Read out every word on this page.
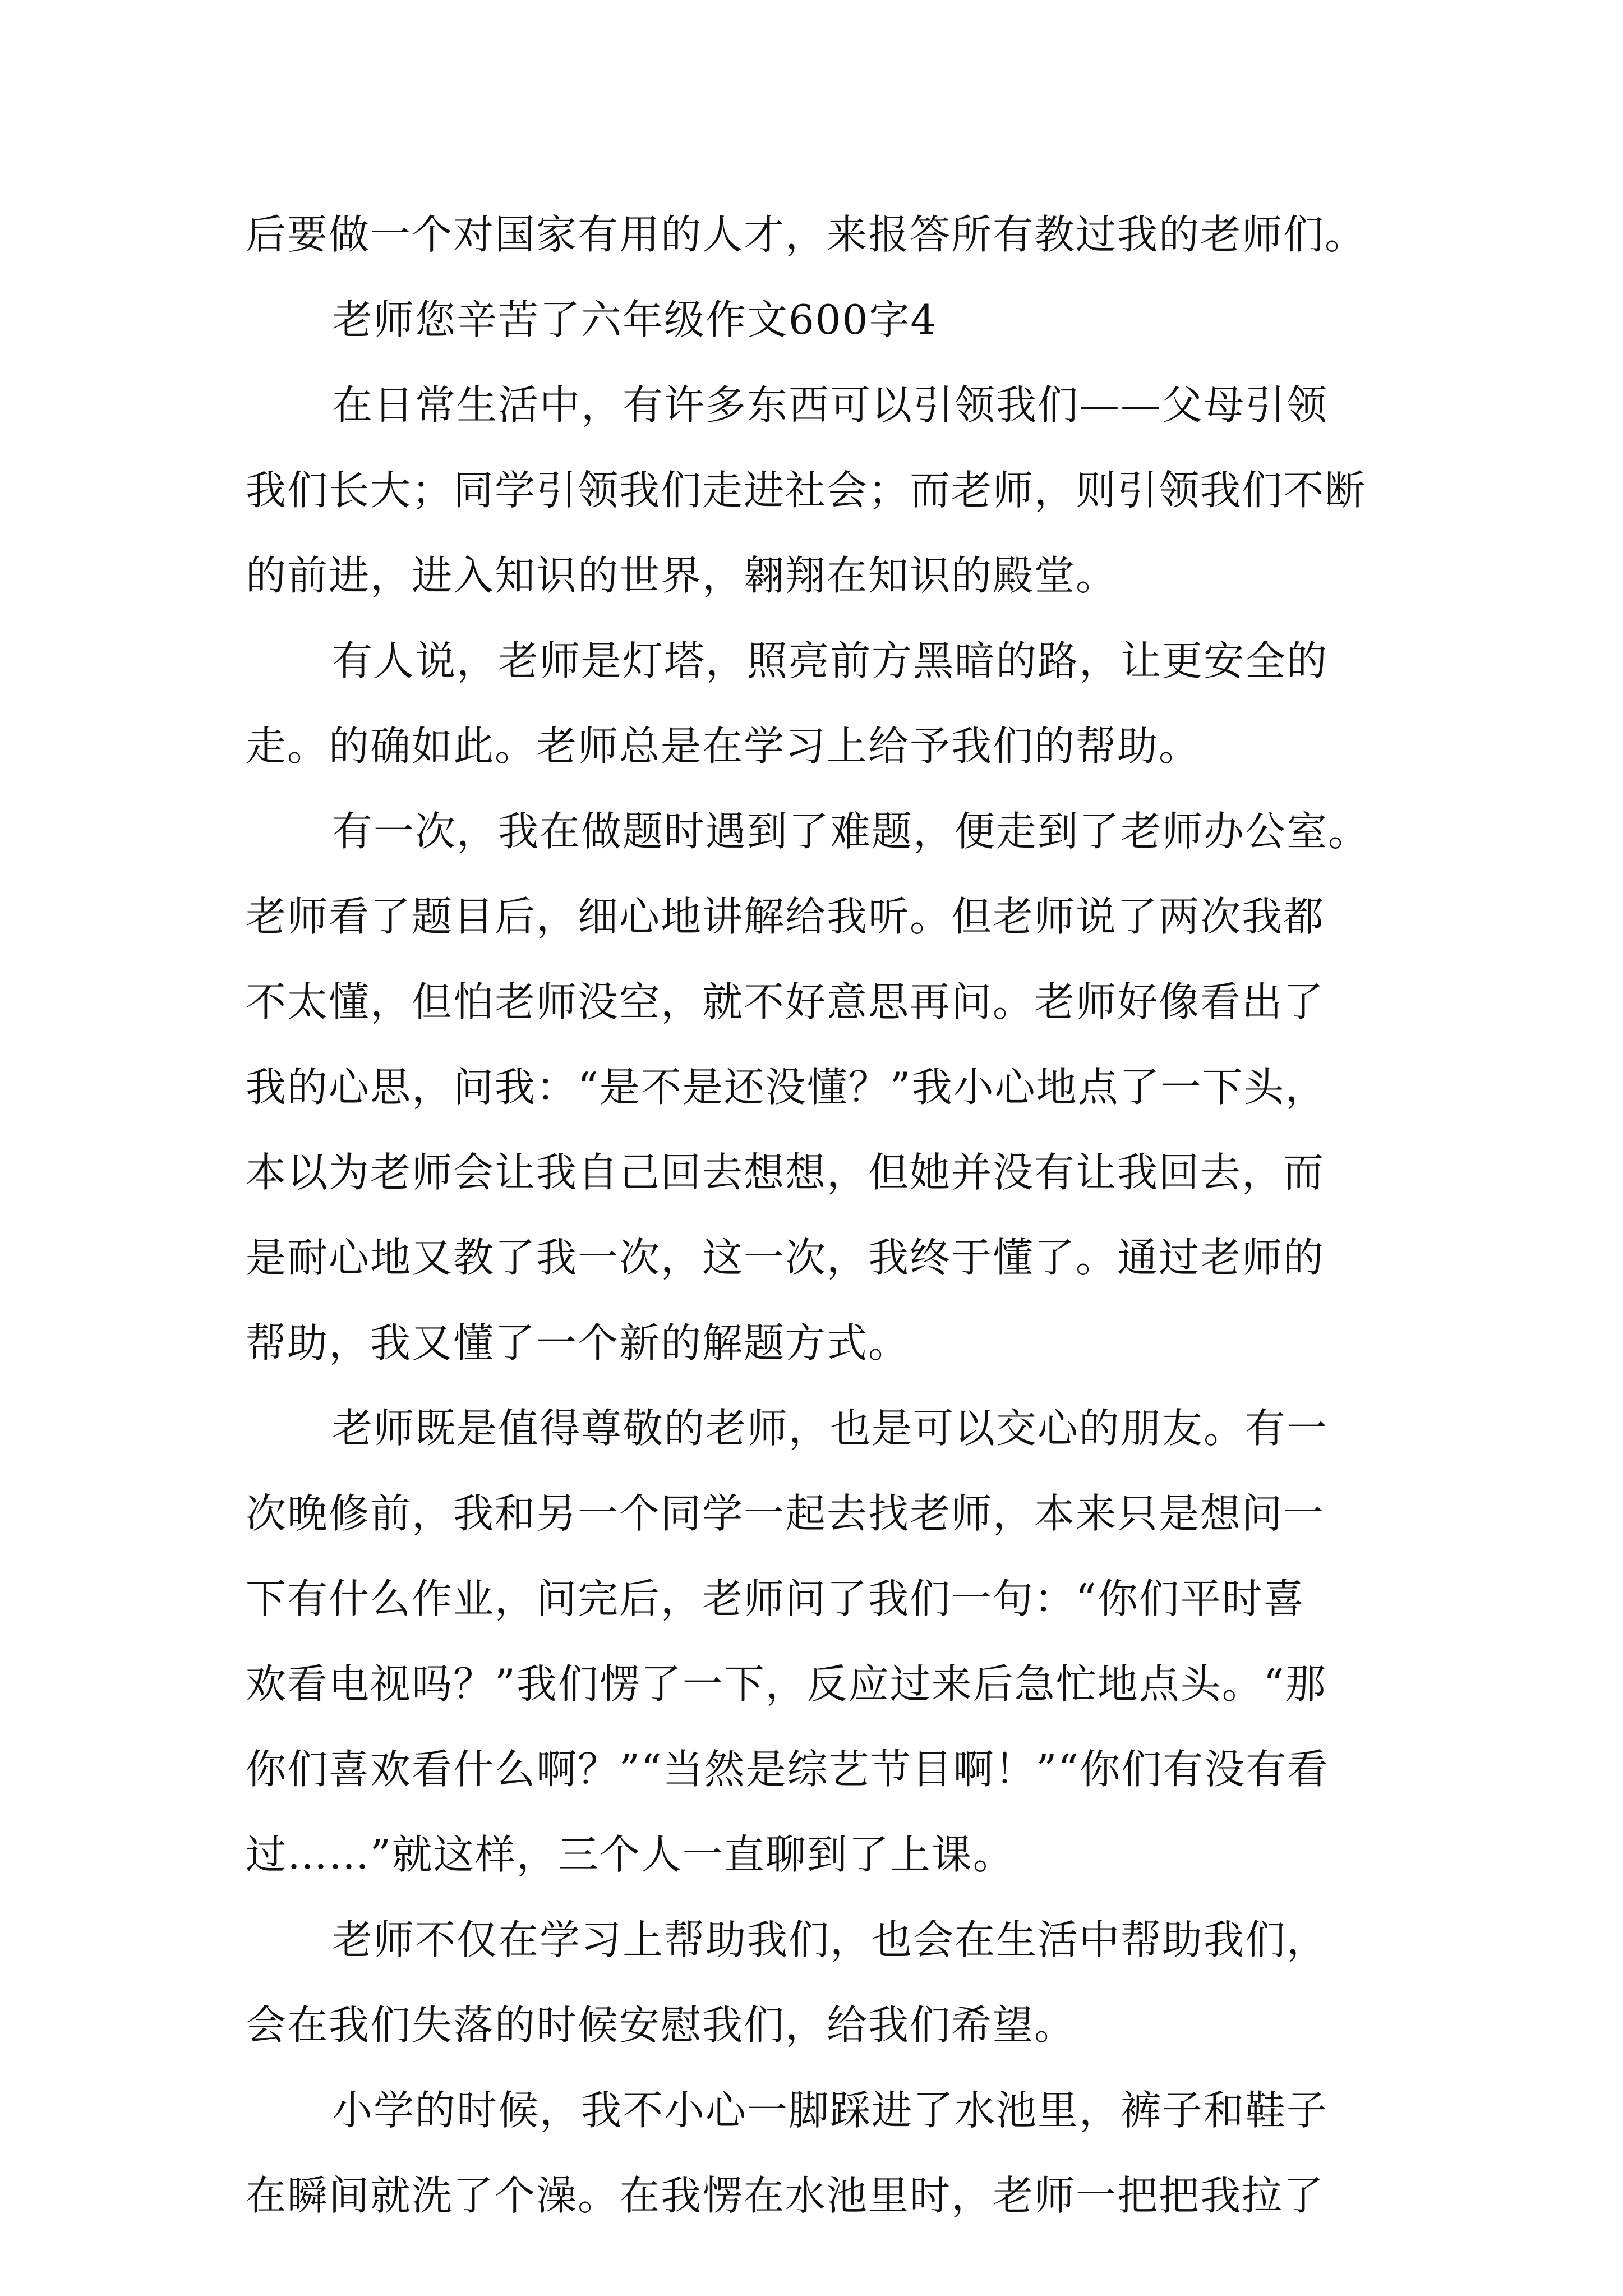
后要做一个对国家有用的人才，来报答所有教过我的老师们。
老师您辛苦了六年级作文600字4
在日常生活中，有许多东西可以引领我们——父母引领
我们长大；同学引领我们走进社会；而老师，则引领我们不断
的前进，进入知识的世界，翱翔在知识的殿堂。
有人说，老师是灯塔，照亮前方黑暗的路，让更安全的
走。的确如此。老师总是在学习上给予我们的帮助。
有一次，我在做题时遇到了难题，便走到了老师办公室。
老师看了题目后，细心地讲解给我听。但老师说了两次我都
不太懂，但怕老师没空，就不好意思再问。老师好像看出了
我的心思，问我：“是不是还没懂？”我小心地点了一下头，
本以为老师会让我自己回去想想，但她并没有让我回去，而
是耐心地又教了我一次，这一次，我终于懂了。通过老师的
帮助，我又懂了一个新的解题方式。
老师既是值得尊敬的老师，也是可以交心的朋友。有一
次晚修前，我和另一个同学一起去找老师，本来只是想问一
下有什么作业，问完后，老师问了我们一句：“你们平时喜
欢看电视吗？”我们愣了一下，反应过来后急忙地点头。“那
你们喜欢看什么啊？”“当然是综艺节目啊！”“你们有没有看
过……”就这样，三个人一直聊到了上课。
老师不仅在学习上帮助我们，也会在生活中帮助我们，
会在我们失落的时候安慰我们，给我们希望。
小学的时候，我不小心一脚踩进了水池里，裤子和鞋子
在瞬间就洗了个澡。在我愣在水池里时，老师一把把我拉了
